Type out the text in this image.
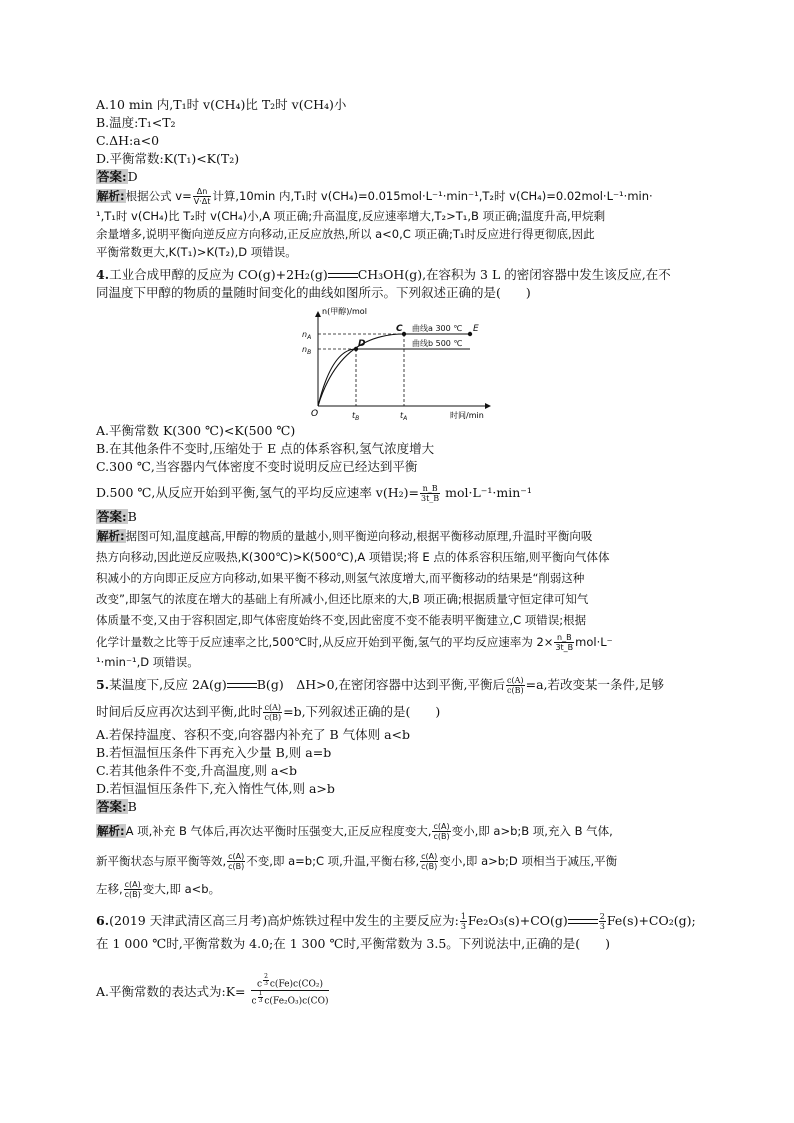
A.10 min 内,T₁时 v(CH₄)比 T₂时 v(CH₄)小
B.温度:T₁<T₂
C.ΔH:a<0
D.平衡常数:K(T₁)<K(T₂)
答案:D
解析:根据公式 $v= \frac{\Delta n}{V\cdot\Delta t}$ 计算,10min 内,T₁时 v(CH₄)=0.015mol·L⁻¹·min⁻¹,T₂时 v(CH₄)=0.02mol·L⁻¹·min·
¹,T₁时 v(CH₄)比 T₂时 v(CH₄)小,A 项正确;升高温度,反应速率增大,T₂>T₁,B 项正确;温度升高,甲烷剩
余量增多,说明平衡向逆反应方向移动,正反应放热,所以 a<0,C 项正确;T₁时反应进行得更彻底,因此
平衡常数更大,K(T₁)>K(T₂),D 项错误。
4.工业合成甲醇的反应为 CO(g)+2H₂(g) CH₃OH(g),在容积为 3 L 的密闭容器中发生该反应,在不
同温度下甲醇的物质的量随时间变化的曲线如图所示。下列叙述正确的是(　　)
n(甲醇)/mol
时间/min
O
$n_A$
$n_B$
$t_B$	$t_A$
C	E
D
曲线a 300 ℃
曲线b 500 ℃
A.平衡常数 K(300 ℃)<K(500 ℃)
B.在其他条件不变时,压缩处于 E 点的体系容积,氢气浓度增大
C.300 ℃,当容器内气体密度不变时说明反应已经达到平衡
D.500 ℃,从反应开始到平衡,氢气的平均反应速率 $v(H_2)= \frac{n\_B}{3t\_B} mol\cdot L^{-1}\cdot\min^{-1}$
答案:B
解析:据图可知,温度越高,甲醇的物质的量越小,则平衡逆向移动,根据平衡移动原理,升温时平衡向吸
热方向移动,因此逆反应吸热,K(300℃)>K(500℃),A 项错误;将 E 点的体系容积压缩,则平衡向气体体
积减小的方向即正反应方向移动,如果平衡不移动,则氢气浓度增大,而平衡移动的结果是“削弱这种
改变”,即氢气的浓度在增大的基础上有所减小,但还比原来的大,B 项正确;根据质量守恒定律可知气
体质量不变,又由于容积固定,即气体密度始终不变,因此密度不变不能表明平衡建立,C 项错误;根据
化学计量数之比等于反应速率之比,500℃时,从反应开始到平衡,氢气的平均反应速率为 $2\times \frac{n\_B}{3t\_B} mol\cdot L^-$
¹·min⁻¹,D 项错误。
5.某温度下,反应 2A(g) B(g)　ΔH>0,在密闭容器中达到平衡,平衡后 $\frac{c(A)}{c(B)} =a$,若改变某一条件,足够
时间后反应再次达到平衡,此时 $\frac{c(A)}{c(B)} =b$,下列叙述正确的是(　　)
A.若保持温度、容积不变,向容器内补充了 B 气体则 a<b
B.若恒温恒压条件下再充入少量 B,则 a=b
C.若其他条件不变,升高温度,则 a<b
D.若恒温恒压条件下,充入惰性气体,则 a>b
答案:B
解析:A 项,补充 B 气体后,再次达平衡时压强变大,正反应程度变大, $\frac{c(A)}{c(B)}$ 变小,即 a>b;B 项,充入 B 气体,
新平衡状态与原平衡等效, $\frac{c(A)}{c(B)}$ 不变,即 a=b;C 项,升温,平衡右移, $\frac{c(A)}{c(B)}$ 变小,即 a>b;D 项相当于减压,平衡
左移, $\frac{c(A)}{c(B)}$ 变大,即 a<b。
6.(2019 天津武清区高三月考)高炉炼铁过程中发生的主要反应为: $\frac{1}{3} Fe_2O_3(s)+CO(g)$	$\frac{2}{3} Fe(s)+CO_2(g)$;
在 1 000 ℃时,平衡常数为 4.0;在 1 300 ℃时,平衡常数为 3.5。下列说法中,正确的是(　　)
A.平衡常数的表达式为:K= c $^{\frac{2}{3}}$ c(Fe)c(CO₂)
c $^{\frac{1}{3}}$ c(Fe₂O₃)c(CO)
